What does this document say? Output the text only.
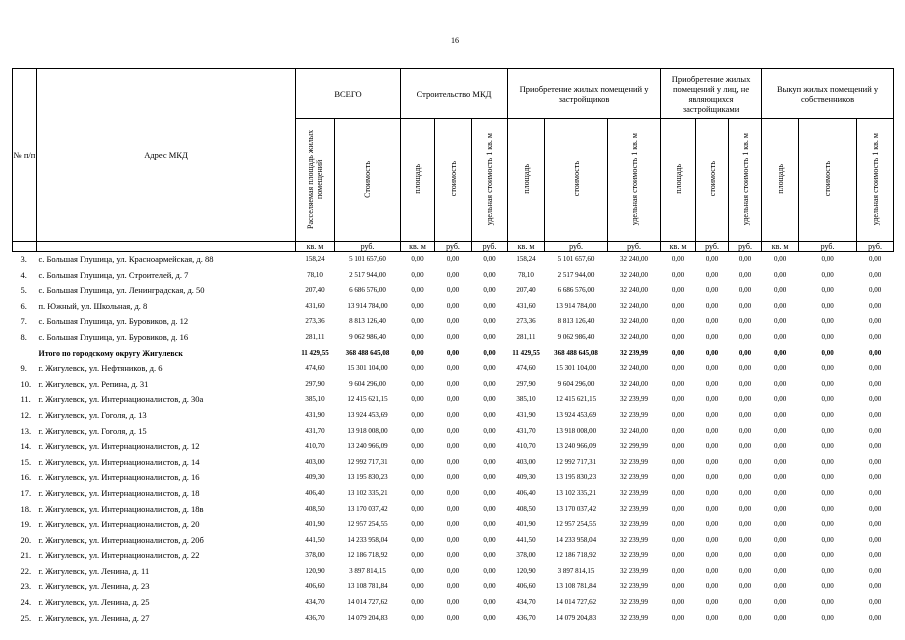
16
№ п/п	Адрес МКД	ВСЕГО		Строительство МКД			Приобретение жилых помещений у застройщиков			Приобретение жилых помещений у лиц, не являющихся застройщиками			Выкуп жилых помещений у собственников		
		Расселяемая площадь жилых помещений	Стоимость	площадь	стоимость	удельная стоимость 1 кв. м	площадь	стоимость	удельная стоимость 1 кв. м	площадь	стоимость	удельная стоимость 1 кв. м	площадь	стоимость	удельная стоимость 1 кв. м
		кв. м	руб.	кв. м	руб.	руб.	кв. м	руб.	руб.	кв. м	руб.	руб.	кв. м	руб.	руб.
3.	с. Большая Глушица, ул. Красноармейская, д. 88	158,24	5 101 657,60	0,00	0,00	0,00	158,24	5 101 657,60	32 240,00	0,00	0,00	0,00	0,00	0,00	0,00
4.	с. Большая Глушица, ул. Строителей, д. 7	78,10	2 517 944,00	0,00	0,00	0,00	78,10	2 517 944,00	32 240,00	0,00	0,00	0,00	0,00	0,00	0,00
5.	с. Большая Глушица, ул. Ленинградская, д. 50	207,40	6 686 576,00	0,00	0,00	0,00	207,40	6 686 576,00	32 240,00	0,00	0,00	0,00	0,00	0,00	0,00
6.	п. Южный, ул. Школьная, д. 8	431,60	13 914 784,00	0,00	0,00	0,00	431,60	13 914 784,00	32 240,00	0,00	0,00	0,00	0,00	0,00	0,00
7.	с. Большая Глушица, ул. Буровиков, д. 12	273,36	8 813 126,40	0,00	0,00	0,00	273,36	8 813 126,40	32 240,00	0,00	0,00	0,00	0,00	0,00	0,00
8.	с. Большая Глушица, ул. Буровиков, д. 16	281,11	9 062 986,40	0,00	0,00	0,00	281,11	9 062 986,40	32 240,00	0,00	0,00	0,00	0,00	0,00	0,00
	Итого по городскому округу Жигулевск	11 429,55	368 488 645,08	0,00	0,00	0,00	11 429,55	368 488 645,08	32 239,99	0,00	0,00	0,00	0,00	0,00	0,00
9.	г. Жигулевск, ул. Нефтяников, д. 6	474,60	15 301 104,00	0,00	0,00	0,00	474,60	15 301 104,00	32 240,00	0,00	0,00	0,00	0,00	0,00	0,00
10.	г. Жигулевск, ул. Репина, д. 31	297,90	9 604 296,00	0,00	0,00	0,00	297,90	9 604 296,00	32 240,00	0,00	0,00	0,00	0,00	0,00	0,00
11.	г. Жигулевск, ул. Интернационалистов, д. 30а	385,10	12 415 621,15	0,00	0,00	0,00	385,10	12 415 621,15	32 239,99	0,00	0,00	0,00	0,00	0,00	0,00
12.	г. Жигулевск, ул. Гоголя, д. 13	431,90	13 924 453,69	0,00	0,00	0,00	431,90	13 924 453,69	32 239,99	0,00	0,00	0,00	0,00	0,00	0,00
13.	г. Жигулевск, ул. Гоголя, д. 15	431,70	13 918 008,00	0,00	0,00	0,00	431,70	13 918 008,00	32 240,00	0,00	0,00	0,00	0,00	0,00	0,00
14.	г. Жигулевск, ул. Интернационалистов, д. 12	410,70	13 240 966,09	0,00	0,00	0,00	410,70	13 240 966,09	32 299,99	0,00	0,00	0,00	0,00	0,00	0,00
15.	г. Жигулевск, ул. Интернационалистов, д. 14	403,00	12 992 717,31	0,00	0,00	0,00	403,00	12 992 717,31	32 239,99	0,00	0,00	0,00	0,00	0,00	0,00
16.	г. Жигулевск, ул. Интернационалистов, д. 16	409,30	13 195 830,23	0,00	0,00	0,00	409,30	13 195 830,23	32 239,99	0,00	0,00	0,00	0,00	0,00	0,00
17.	г. Жигулевск, ул. Интернационалистов, д. 18	406,40	13 102 335,21	0,00	0,00	0,00	406,40	13 102 335,21	32 239,99	0,00	0,00	0,00	0,00	0,00	0,00
18.	г. Жигулевск, ул. Интернационалистов, д. 18в	408,50	13 170 037,42	0,00	0,00	0,00	408,50	13 170 037,42	32 239,99	0,00	0,00	0,00	0,00	0,00	0,00
19.	г. Жигулевск, ул. Интернационалистов, д. 20	401,90	12 957 254,55	0,00	0,00	0,00	401,90	12 957 254,55	32 239,99	0,00	0,00	0,00	0,00	0,00	0,00
20.	г. Жигулевск, ул. Интернационалистов, д. 20б	441,50	14 233 958,04	0,00	0,00	0,00	441,50	14 233 958,04	32 239,99	0,00	0,00	0,00	0,00	0,00	0,00
21.	г. Жигулевск, ул. Интернационалистов, д. 22	378,00	12 186 718,92	0,00	0,00	0,00	378,00	12 186 718,92	32 239,99	0,00	0,00	0,00	0,00	0,00	0,00
22.	г. Жигулевск, ул. Ленина, д. 11	120,90	3 897 814,15	0,00	0,00	0,00	120,90	3 897 814,15	32 239,99	0,00	0,00	0,00	0,00	0,00	0,00
23.	г. Жигулевск, ул. Ленина, д. 23	406,60	13 108 781,84	0,00	0,00	0,00	406,60	13 108 781,84	32 239,99	0,00	0,00	0,00	0,00	0,00	0,00
24.	г. Жигулевск, ул. Ленина, д. 25	434,70	14 014 727,62	0,00	0,00	0,00	434,70	14 014 727,62	32 239,99	0,00	0,00	0,00	0,00	0,00	0,00
25.	г. Жигулевск, ул. Ленина, д. 27	436,70	14 079 204,83	0,00	0,00	0,00	436,70	14 079 204,83	32 239,99	0,00	0,00	0,00	0,00	0,00	0,00
